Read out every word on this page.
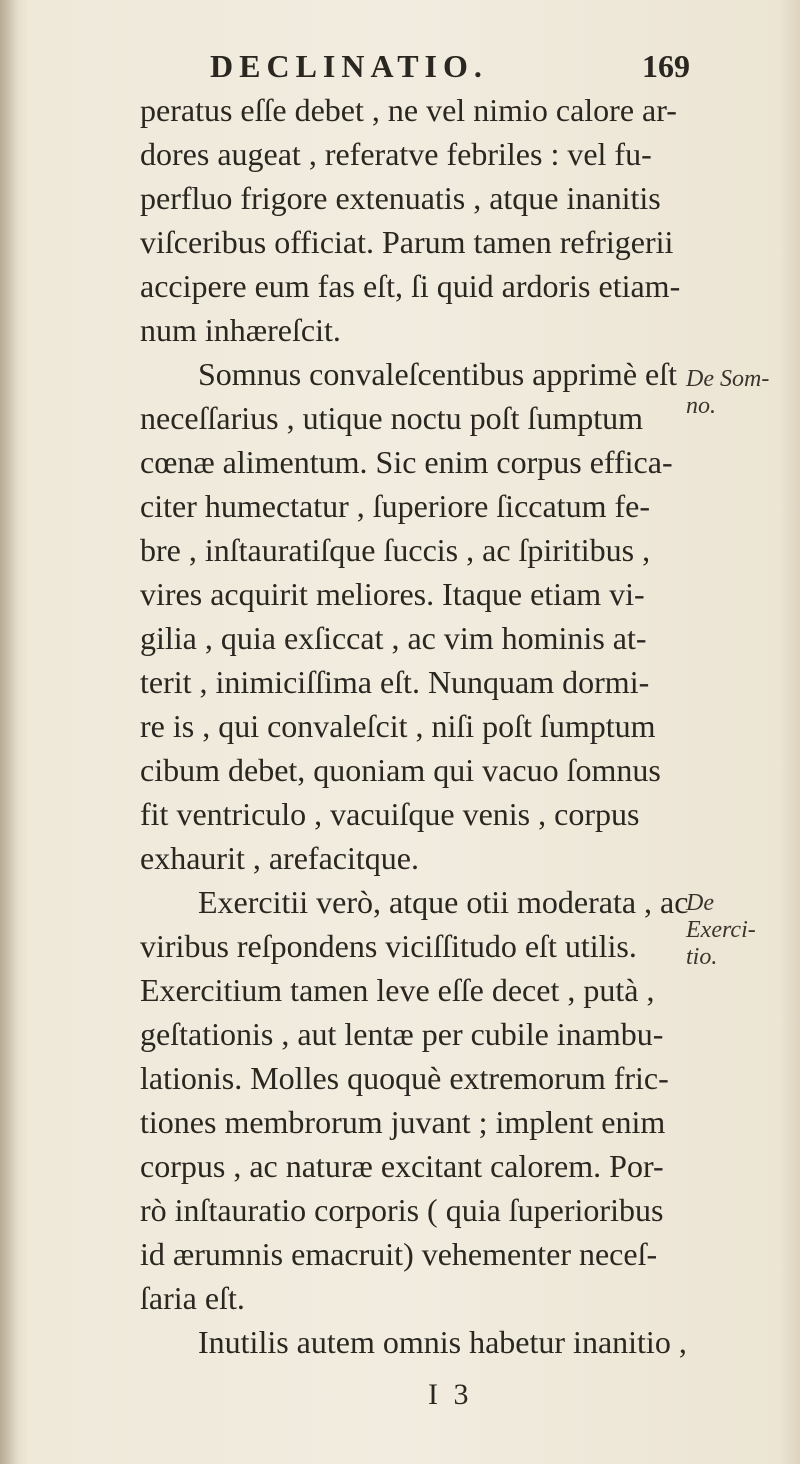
DECLINATIO.	169
peratus eſſe debet , ne vel nimio calore ar-
dores augeat , referatve febriles : vel fu-
perfluo frigore extenuatis , atque inanitis
viſceribus officiat. Parum tamen refrigerii
accipere eum fas eſt, ſi quid ardoris etiam-
num inhæreſcit.
Somnus convaleſcentibus apprimè eſt
neceſſarius , utique noctu poſt ſumptum
cœnæ alimentum. Sic enim corpus effica-
citer humectatur , ſuperiore ſiccatum fe-
bre , inſtauratiſque ſuccis , ac ſpiritibus ,
vires acquirit meliores. Itaque etiam vi-
gilia , quia exſiccat , ac vim hominis at-
terit , inimiciſſima eſt. Nunquam dormi-
re is , qui convaleſcit , niſi poſt ſumptum
cibum debet, quoniam qui vacuo ſomnus
fit ventriculo , vacuiſque venis , corpus
exhaurit , arefacitque.
Exercitii verò, atque otii moderata , ac
viribus reſpondens viciſſitudo eſt utilis.
Exercitium tamen leve eſſe decet , putà ,
geſtationis , aut lentæ per cubile inambu-
lationis. Molles quoquè extremorum fric-
tiones membrorum juvant ; implent enim
corpus , ac naturæ excitant calorem. Por-
rò inſtauratio corporis ( quia ſuperioribus
id ærumnis emacruit) vehementer neceſ-
ſaria eſt.
Inutilis autem omnis habetur inanitio ,
De Som-
no.
De
Exerci-
tio.
I 3
